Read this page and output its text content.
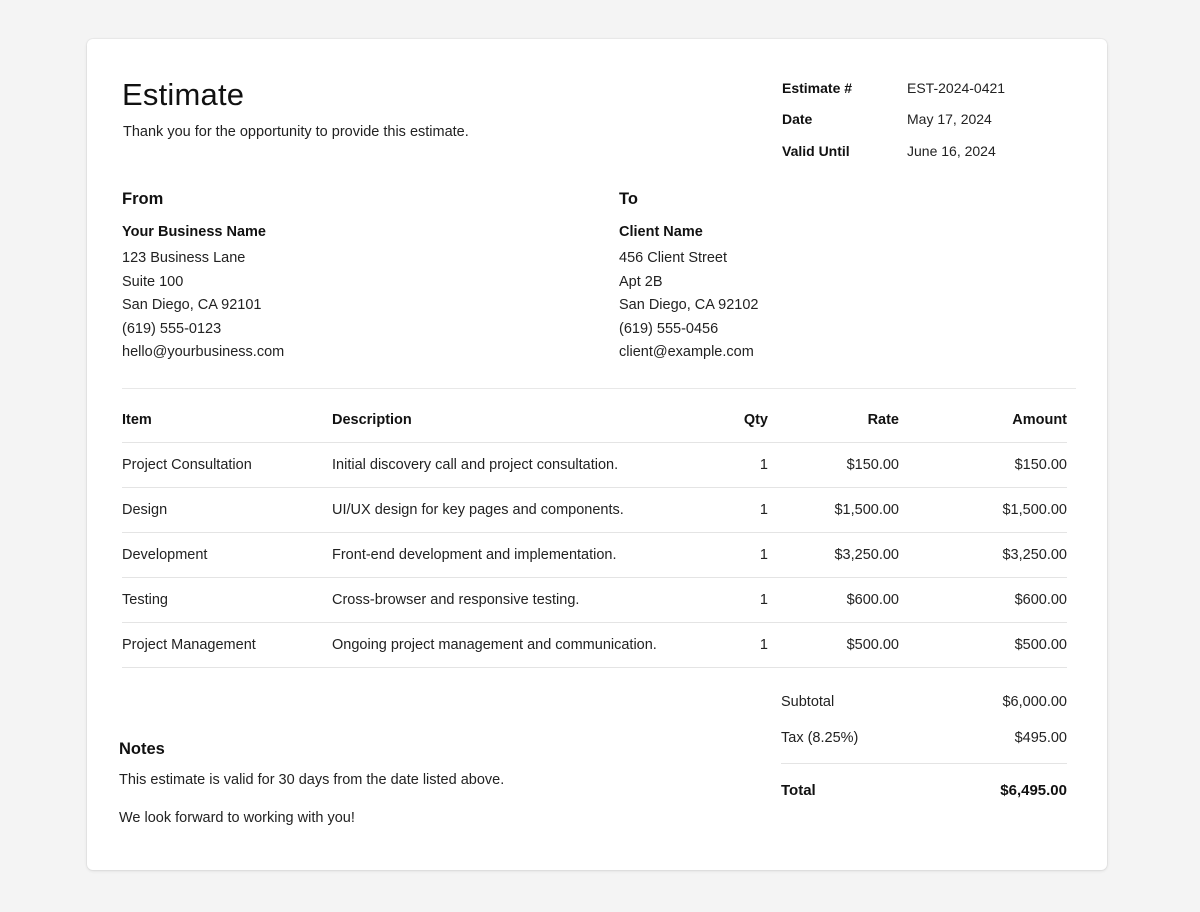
Estimate
Thank you for the opportunity to provide this estimate.
Estimate #	EST-2024-0421
Date	May 17, 2024
Valid Until	June 16, 2024
From
Your Business Name
123 Business Lane
Suite 100
San Diego, CA 92101
(619) 555-0123
hello@yourbusiness.com
To
Client Name
456 Client Street
Apt 2B
San Diego, CA 92102
(619) 555-0456
client@example.com
Item	Description	Qty	Rate	Amount
Project Consultation	Initial discovery call and project consultation.	1	$150.00	$150.00
Design	UI/UX design for key pages and components.	1	$1,500.00	$1,500.00
Development	Front-end development and implementation.	1	$3,250.00	$3,250.00
Testing	Cross-browser and responsive testing.	1	$600.00	$600.00
Project Management	Ongoing project management and communication.	1	$500.00	$500.00
Subtotal	$6,000.00
Tax (8.25%)	$495.00
Total	$6,495.00
Notes
This estimate is valid for 30 days from the date listed above.
We look forward to working with you!
